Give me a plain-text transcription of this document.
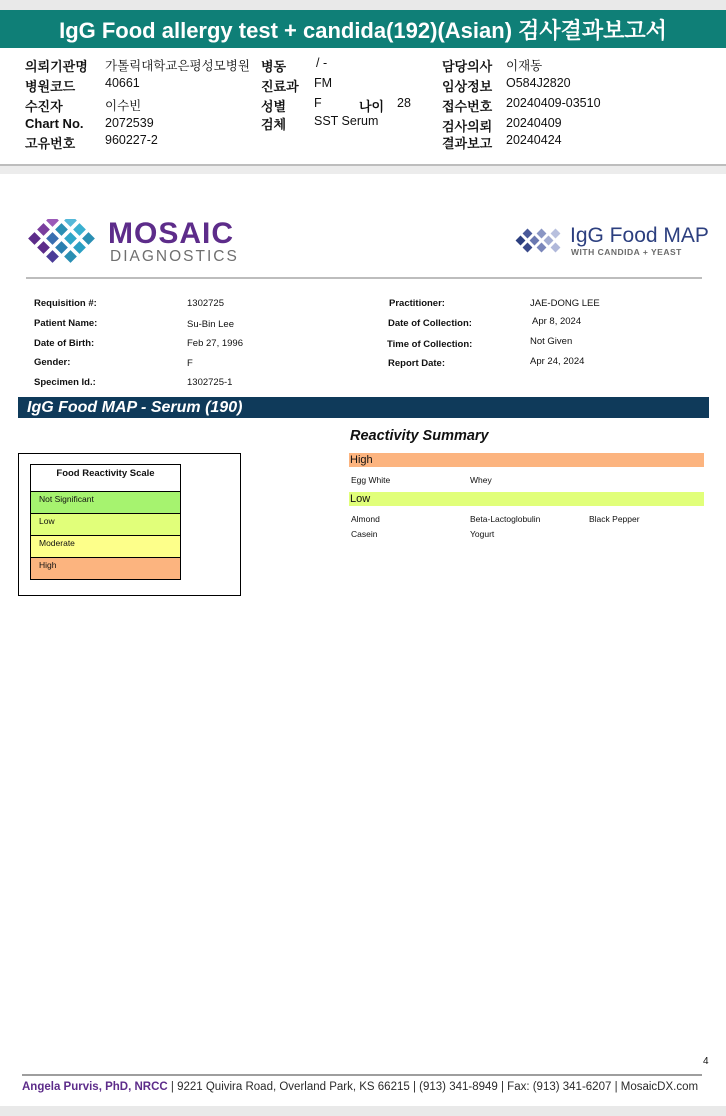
IgG Food allergy test + candida(192)(Asian) 검사결과보고서
의뢰기관명 가톨릭대학교은평성모병원
병원코드 40661
수진자	이수빈
Chart No. 2072539
고유번호 960227-2
병동 / -
진료과 FM
성별 F	나이 28
검체 SST Serum
담당의사 이재동
임상정보 O584J2820
접수번호 20240409-03510
검사의뢰 20240409
결과보고 20240424
MOSAIC
DIAGNOSTICS
IgG Food MAP
WITH CANDIDA + YEAST
Requisition #:	1302725
Patient Name:	Su-Bin Lee
Date of Birth:	Feb 27, 1996
Gender:	F
Specimen Id.:	1302725-1
Practitioner:	JAE-DONG LEE
Date of Collection:	Apr 8, 2024
Time of Collection:	Not Given
Report Date:	Apr 24, 2024
IgG Food MAP - Serum (190)
Food Reactivity Scale
Not Significant
Low
Moderate
High
Reactivity Summary
High
Egg White	Whey
Low
Almond	Beta-Lactoglobulin	Black Pepper
Casein	Yogurt
4
Angela Purvis, PhD, NRCC | 9221 Quivira Road, Overland Park, KS 66215 | (913) 341-8949 | Fax: (913) 341-6207 | MosaicDX.com
